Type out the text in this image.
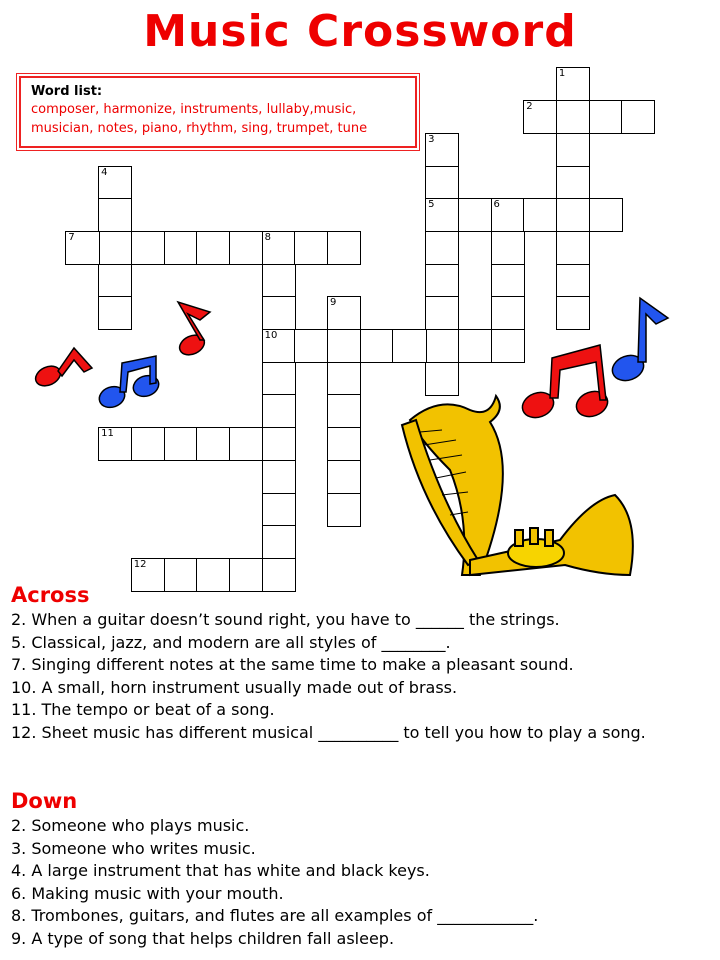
Music Crossword
Word list:
composer, harmonize, instruments, lullaby,music,
musician, notes, piano, rhythm, sing, trumpet, tune
1
2
3
5
4
6
7	8
10
9
11
12
Across
2. When a guitar doesn’t sound right, you have to ______ the strings.
5. Classical, jazz, and modern are all styles of ________.
7. Singing different notes at the same time to make a pleasant sound.
10. A small, horn instrument usually made out of brass.
11. The tempo or beat of a song.
12. Sheet music has different musical __________ to tell you how to play a song.
Down
2. Someone who plays music.
3. Someone who writes music.
4. A large instrument that has white and black keys.
6. Making music with your mouth.
8. Trombones, guitars, and flutes are all examples of ____________.
9. A type of song that helps children fall asleep.
